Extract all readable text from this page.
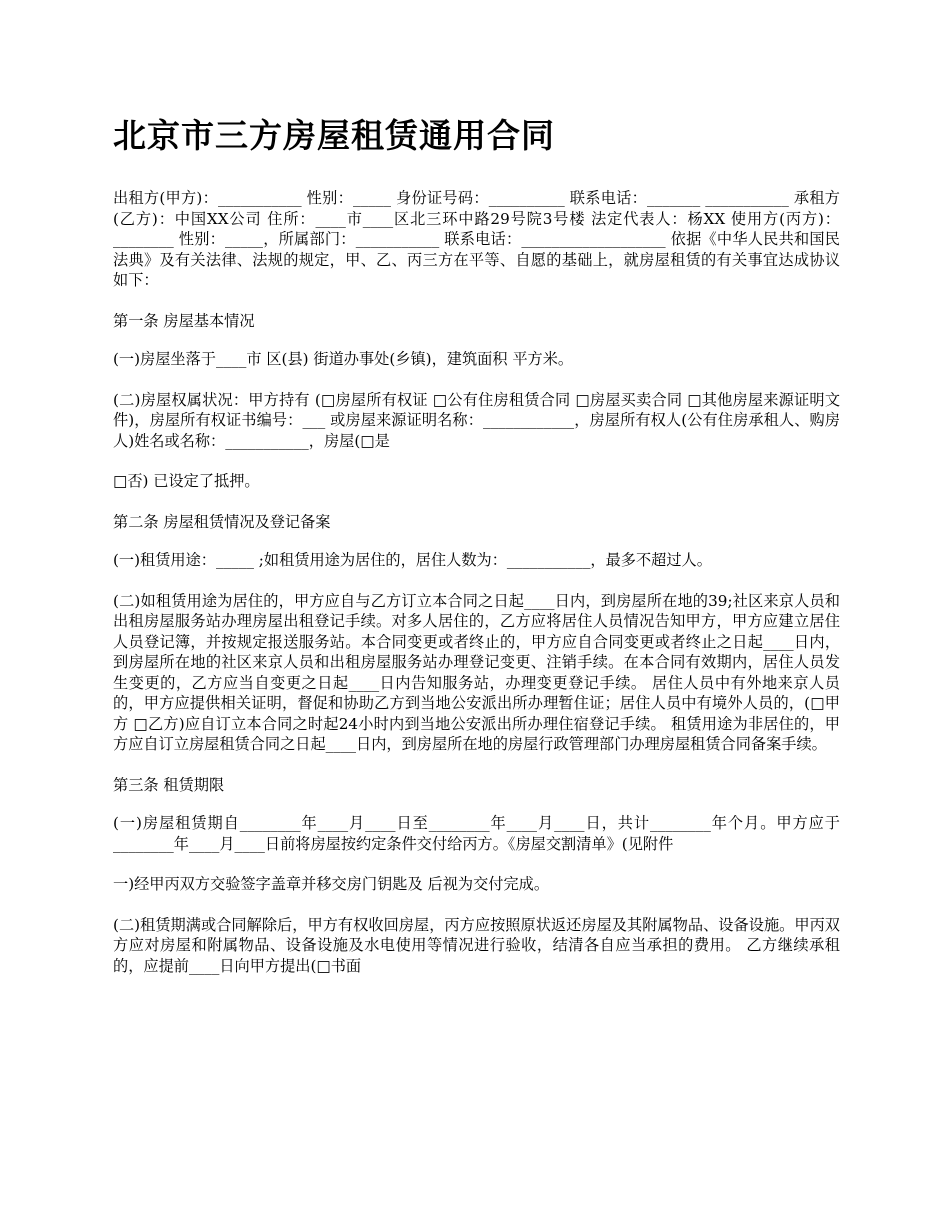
北京市三方房屋租赁通用合同

出租方(甲方)：___________ 性别：_____ 身份证号码：__________ 联系电话：_______ ___________ 承租方(乙方)：中国XX公司 住所：____市____区北三环中路29号院3号楼 法定代表人：杨XX 使用方(丙方)：________ 性别：_____，所属部门：___________ 联系电话：___________________ 依据《中华人民共和国民法典》及有关法律、法规的规定，甲、乙、丙三方在平等、自愿的基础上，就房屋租赁的有关事宜达成协议如下：

第一条 房屋基本情况

(一)房屋坐落于____市 区(县) 街道办事处(乡镇)，建筑面积 平方米。

(二)房屋权属状况：甲方持有 (□房屋所有权证 □公有住房租赁合同 □房屋买卖合同 □其他房屋来源证明文件)，房屋所有权证书编号：___ 或房屋来源证明名称：____________，房屋所有权人(公有住房承租人、购房人)姓名或名称：___________，房屋(□是

□否) 已设定了抵押。

第二条 房屋租赁情况及登记备案

(一)租赁用途：_____ ;如租赁用途为居住的，居住人数为：___________，最多不超过人。

(二)如租赁用途为居住的，甲方应自与乙方订立本合同之日起____日内，到房屋所在地的39;社区来京人员和出租房屋服务站办理房屋出租登记手续。对多人居住的，乙方应将居住人员情况告知甲方，甲方应建立居住人员登记簿，并按规定报送服务站。本合同变更或者终止的，甲方应自合同变更或者终止之日起____日内，到房屋所在地的社区来京人员和出租房屋服务站办理登记变更、注销手续。在本合同有效期内，居住人员发生变更的，乙方应当自变更之日起____日内告知服务站，办理变更登记手续。 居住人员中有外地来京人员的，甲方应提供相关证明，督促和协助乙方到当地公安派出所办理暂住证；居住人员中有境外人员的，(□甲方 □乙方)应自订立本合同之时起24小时内到当地公安派出所办理住宿登记手续。 租赁用途为非居住的，甲方应自订立房屋租赁合同之日起____日内，到房屋所在地的房屋行政管理部门办理房屋租赁合同备案手续。

第三条 租赁期限

(一)房屋租赁期自________年____月____日至________年____月____日，共计________年个月。甲方应于________年____月____日前将房屋按约定条件交付给丙方。《房屋交割清单》(见附件

一)经甲丙双方交验签字盖章并移交房门钥匙及 后视为交付完成。

(二)租赁期满或合同解除后，甲方有权收回房屋，丙方应按照原状返还房屋及其附属物品、设备设施。甲丙双方应对房屋和附属物品、设备设施及水电使用等情况进行验收，结清各自应当承担的费用。 乙方继续承租的，应提前____日向甲方提出(□书面
